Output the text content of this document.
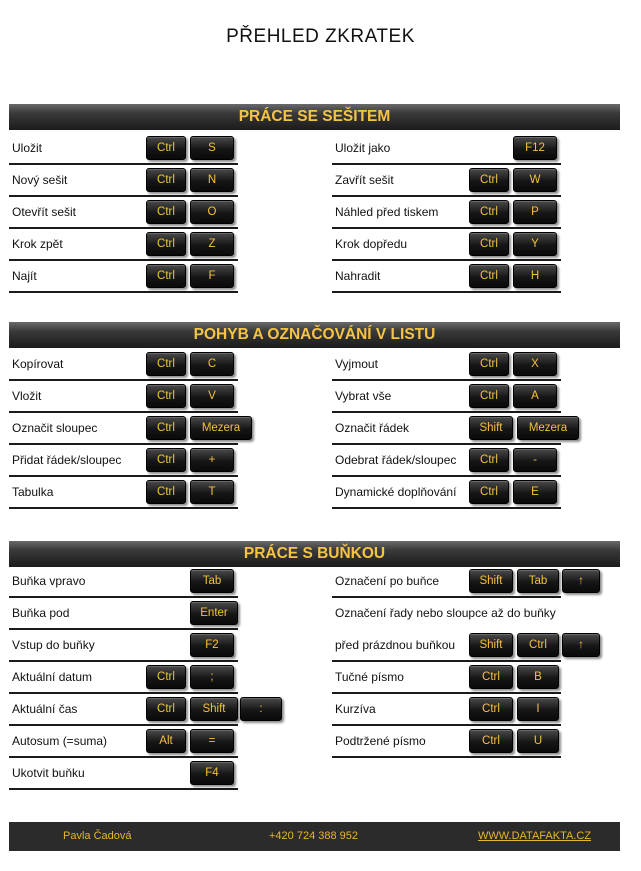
PŘEHLED ZKRATEK
PRÁCE SE SEŠITEM
Uložit	Ctrl	S
Nový sešit	Ctrl	N
Otevřít sešit	Ctrl	O
Krok zpět	Ctrl	Z
Najít	Ctrl	F
Uložit jako	F12
Zavřít sešit	Ctrl	W
Náhled před tiskem	Ctrl	P
Krok dopředu	Ctrl	Y
Nahradit	Ctrl	H
POHYB A OZNAČOVÁNÍ V LISTU
Kopírovat	Ctrl	C
Vložit	Ctrl	V
Označit sloupec	Ctrl	Mezera
Přidat řádek/sloupec	Ctrl	+
Tabulka	Ctrl	T
Vyjmout	Ctrl	X
Vybrat vše	Ctrl	A
Označit řádek	Shift	Mezera
Odebrat řádek/sloupec	Ctrl	-
Dynamické doplňování	Ctrl	E
PRÁCE S BUŇKOU
Buňka vpravo	Tab
Buňka pod	Enter
Vstup do buňky	F2
Aktuální datum	Ctrl	;
Aktuální čas	Ctrl	Shift	:
Autosum (=suma)	Alt	=
Ukotvit buňku	F4
Označení po buňce	Shift	Tab	↑
Označení řady nebo sloupce až do buňky
před prázdnou buňkou	Shift	Ctrl	↑
Tučné písmo	Ctrl	B
Kurzíva	Ctrl	I
Podtržené písmo	Ctrl	U
Pavla Čadová	+420 724 388 952	WWW.DATAFAKTA.CZ
